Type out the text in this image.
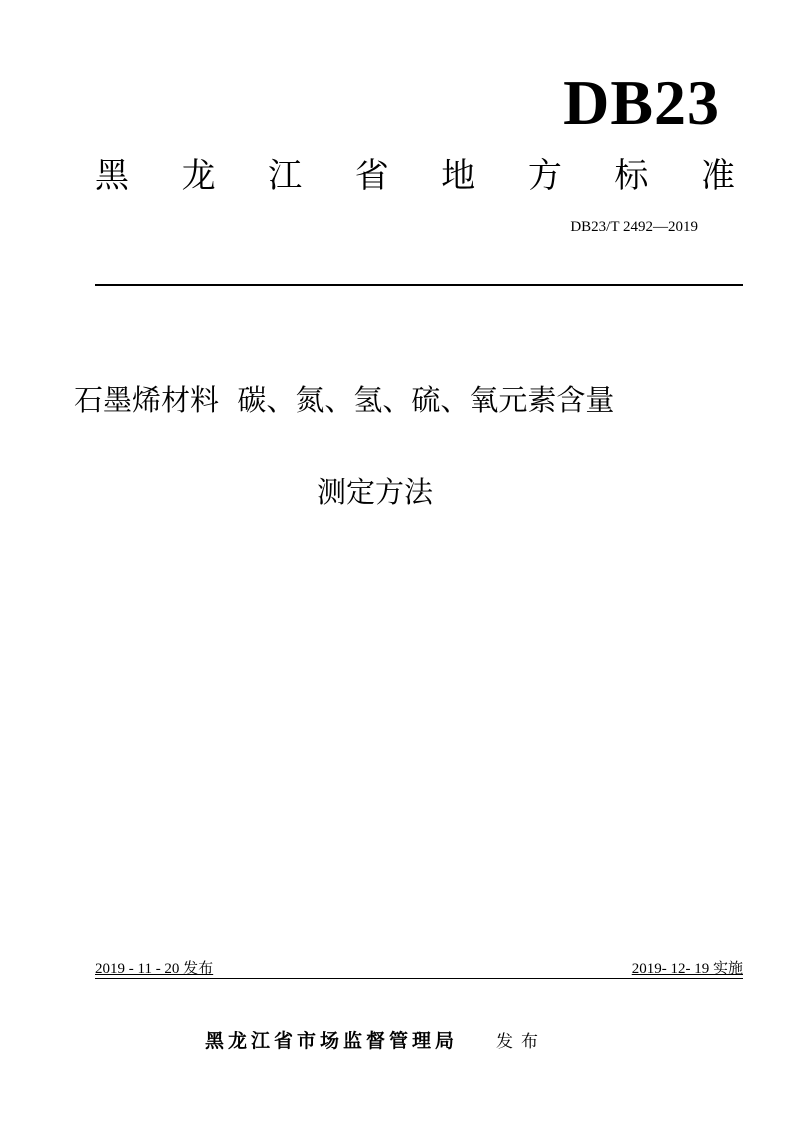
DB23
黑 龙 江 省 地 方 标 准
DB23/T 2492—2019
石墨烯材料  碳、氮、氢、硫、氧元素含量
测定方法
2019 - 11 - 20 发布	2019- 12- 19 实施
黑龙江省市场监督管理局 发布
